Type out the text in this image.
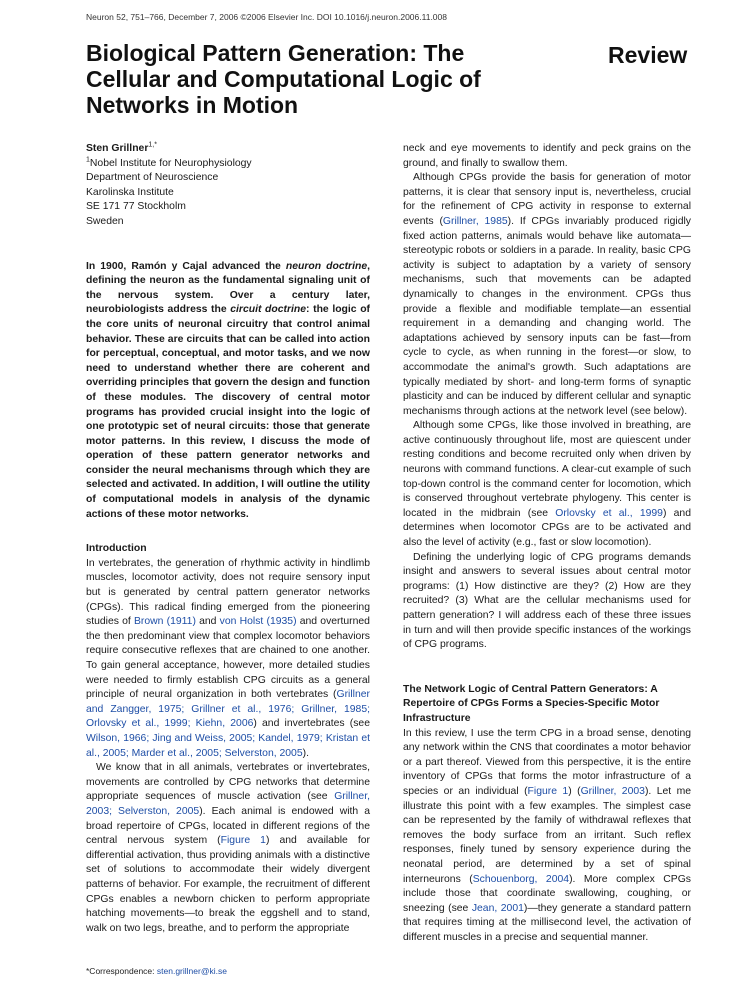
Neuron 52, 751–766, December 7, 2006 ©2006 Elsevier Inc. DOI 10.1016/j.neuron.2006.11.008
Biological Pattern Generation: The Cellular and Computational Logic of Networks in Motion
Review
Sten Grillner$^{1,*}$
$^1$Nobel Institute for Neurophysiology
Department of Neuroscience
Karolinska Institute
SE 171 77 Stockholm
Sweden

In 1900, Ramón y Cajal advanced the neuron doctrine, defining the neuron as the fundamental signaling unit of the nervous system. Over a century later, neurobiologists address the circuit doctrine: the logic of the core units of neuronal circuitry that control animal behavior. These are circuits that can be called into action for perceptual, conceptual, and motor tasks, and we now need to understand whether there are coherent and overriding principles that govern the design and function of these modules. The discovery of central motor programs has provided crucial insight into the logic of one prototypic set of neural circuits: those that generate motor patterns. In this review, I discuss the mode of operation of these pattern generator networks and consider the neural mechanisms through which they are selected and activated. In addition, I will outline the utility of computational models in analysis of the dynamic actions of these motor networks.

Introduction

In vertebrates, the generation of rhythmic activity in hindlimb muscles, locomotor activity, does not require sensory input but is generated by central pattern generator networks (CPGs). This radical finding emerged from the pioneering studies of Brown (1911) and von Holst (1935) and overturned the then predominant view that complex locomotor behaviors require consecutive reflexes that are chained to one another. To gain general acceptance, however, more detailed studies were needed to firmly establish CPG circuits as a general principle of neural organization in both vertebrates (Grillner and Zangger, 1975; Grillner et al., 1976; Grillner, 1985; Orlovsky et al., 1999; Kiehn, 2006) and invertebrates (see Wilson, 1966; Jing and Weiss, 2005; Kandel, 1979; Kristan et al., 2005; Marder et al., 2005; Selverston, 2005).

We know that in all animals, vertebrates or invertebrates, movements are controlled by CPG networks that determine appropriate sequences of muscle activation (see Grillner, 2003; Selverston, 2005). Each animal is endowed with a broad repertoire of CPGs, located in different regions of the central nervous system (Figure 1) and available for differential activation, thus providing animals with a distinctive set of solutions to accommodate their widely divergent patterns of behavior. For example, the recruitment of different CPGs enables a newborn chicken to perform appropriate hatching movements—to break the eggshell and to stand, walk on two legs, breathe, and to perform the appropriate

neck and eye movements to identify and peck grains on the ground, and finally to swallow them.

Although CPGs provide the basis for generation of motor patterns, it is clear that sensory input is, nevertheless, crucial for the refinement of CPG activity in response to external events (Grillner, 1985). If CPGs invariably produced rigidly fixed action patterns, animals would behave like automata—stereotypic robots or soldiers in a parade. In reality, basic CPG activity is subject to adaptation by a variety of sensory mechanisms, such that movements can be adapted dynamically to changes in the environment. CPGs thus provide a flexible and modifiable template—an essential requirement in a demanding and changing world. The adaptations achieved by sensory inputs can be fast—from cycle to cycle, as when running in the forest—or slow, to accommodate the animal's growth. Such adaptations are typically mediated by short- and long-term forms of synaptic plasticity and can be induced by different cellular and synaptic mechanisms through actions at the network level (see below).

Although some CPGs, like those involved in breathing, are active continuously throughout life, most are quiescent under resting conditions and become recruited only when driven by neurons with command functions. A clear-cut example of such top-down control is the command center for locomotion, which is conserved throughout vertebrate phylogeny. This center is located in the midbrain (see Orlovsky et al., 1999) and determines when locomotor CPGs are to be activated and also the level of activity (e.g., fast or slow locomotion).

Defining the underlying logic of CPG programs demands insight and answers to several issues about central motor programs: (1) How distinctive are they? (2) How are they recruited? (3) What are the cellular mechanisms used for pattern generation? I will address each of these three issues in turn and will then provide specific instances of the workings of CPG programs.

The Network Logic of Central Pattern Generators: A Repertoire of CPGs Forms a Species-Specific Motor Infrastructure

In this review, I use the term CPG in a broad sense, denoting any network within the CNS that coordinates a motor behavior or a part thereof. Viewed from this perspective, it is the entire inventory of CPGs that forms the motor infrastructure of a species or an individual (Figure 1) (Grillner, 2003). Let me illustrate this point with a few examples. The simplest case can be represented by the family of withdrawal reflexes that removes the body surface from an irritant. Such reflex responses, finely tuned by sensory experience during the neonatal period, are determined by a set of spinal interneurons (Schouenborg, 2004). More complex CPGs include those that coordinate swallowing, coughing, or sneezing (see Jean, 2001)—they generate a standard pattern that requires timing at the millisecond level, the activation of different muscles in a precise and sequential manner.

*Correspondence: sten.grillner@ki.se
